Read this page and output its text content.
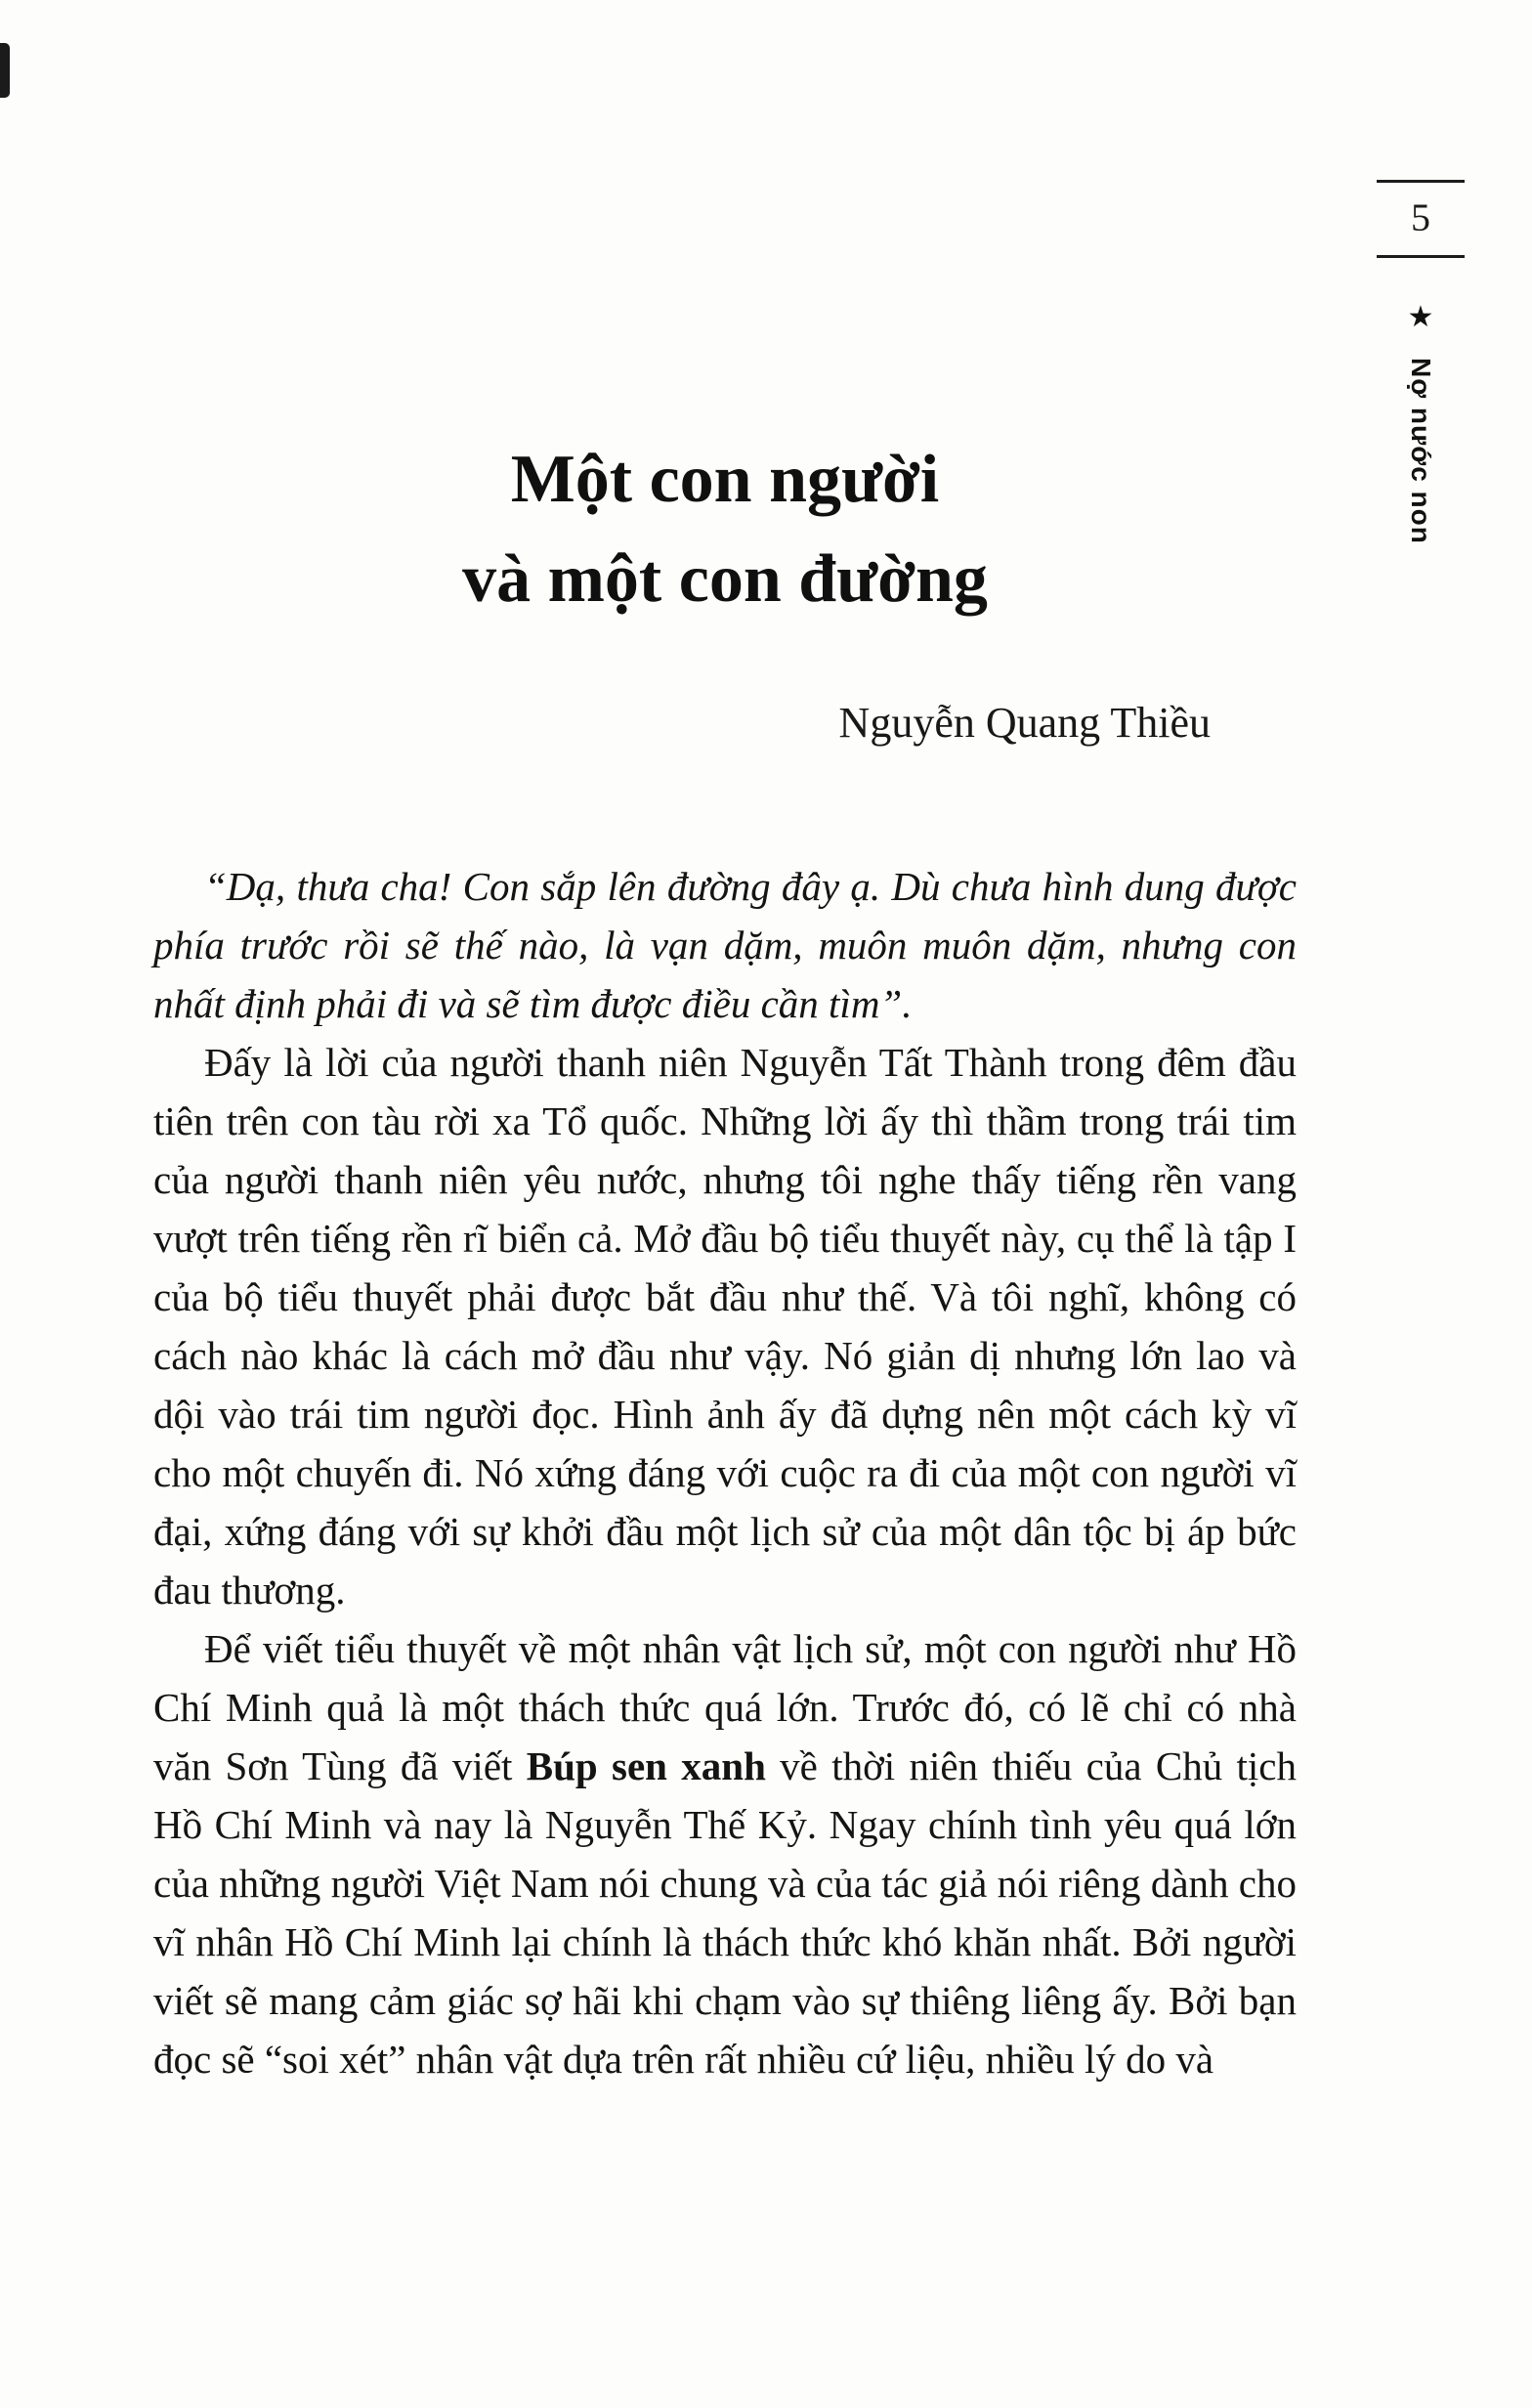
5
★
Nợ nước non
Một con người
và một con đường
Nguyễn Quang Thiều

“Dạ, thưa cha! Con sắp lên đường đây ạ. Dù chưa hình dung được phía trước rồi sẽ thế nào, là vạn dặm, muôn muôn dặm, nhưng con nhất định phải đi và sẽ tìm được điều cần tìm”.

Đấy là lời của người thanh niên Nguyễn Tất Thành trong đêm đầu tiên trên con tàu rời xa Tổ quốc. Những lời ấy thì thầm trong trái tim của người thanh niên yêu nước, nhưng tôi nghe thấy tiếng rền vang vượt trên tiếng rền rĩ biển cả. Mở đầu bộ tiểu thuyết này, cụ thể là tập I của bộ tiểu thuyết phải được bắt đầu như thế. Và tôi nghĩ, không có cách nào khác là cách mở đầu như vậy. Nó giản dị nhưng lớn lao và dội vào trái tim người đọc. Hình ảnh ấy đã dựng nên một cách kỳ vĩ cho một chuyến đi. Nó xứng đáng với cuộc ra đi của một con người vĩ đại, xứng đáng với sự khởi đầu một lịch sử của một dân tộc bị áp bức đau thương.

Để viết tiểu thuyết về một nhân vật lịch sử, một con người như Hồ Chí Minh quả là một thách thức quá lớn. Trước đó, có lẽ chỉ có nhà văn Sơn Tùng đã viết Búp sen xanh về thời niên thiếu của Chủ tịch Hồ Chí Minh và nay là Nguyễn Thế Kỷ. Ngay chính tình yêu quá lớn của những người Việt Nam nói chung và của tác giả nói riêng dành cho vĩ nhân Hồ Chí Minh lại chính là thách thức khó khăn nhất. Bởi người viết sẽ mang cảm giác sợ hãi khi chạm vào sự thiêng liêng ấy. Bởi bạn đọc sẽ “soi xét” nhân vật dựa trên rất nhiều cứ liệu, nhiều lý do và
